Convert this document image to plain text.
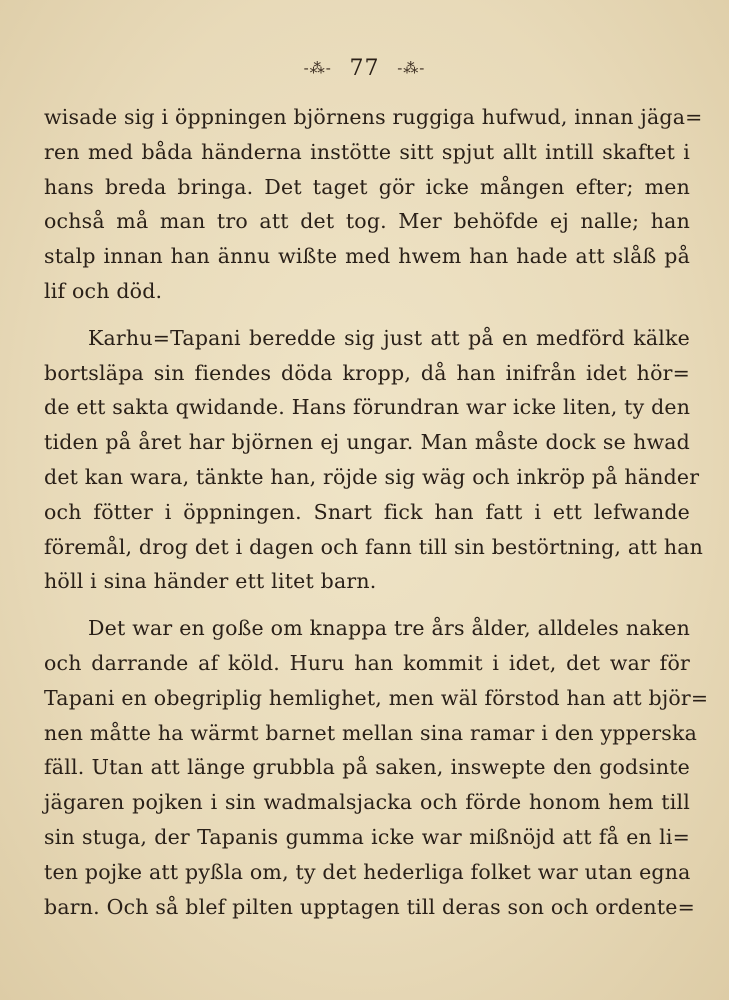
-⁂- 77 -⁂-
wisade sig i öppningen björnens ruggiga hufwud, innan jäga=
ren med båda händerna instötte sitt spjut allt intill skaftet i
hans breda bringa. Det taget gör icke mången efter; men
ochså må man tro att det tog. Mer behöfde ej nalle; han
stalp innan han ännu wißte med hwem han hade att slåß på
lif och död.
Karhu=Tapani beredde sig just att på en medförd kälke
bortsläpa sin fiendes döda kropp, då han inifrån idet hör=
de ett sakta qwidande. Hans förundran war icke liten, ty den
tiden på året har björnen ej ungar. Man måste dock se hwad
det kan wara, tänkte han, röjde sig wäg och inkröp på händer
och fötter i öppningen. Snart fick han fatt i ett lefwande
föremål, drog det i dagen och fann till sin bestörtning, att han
höll i sina händer ett litet barn.
Det war en goße om knappa tre års ålder, alldeles naken
och darrande af köld. Huru han kommit i idet, det war för
Tapani en obegriplig hemlighet, men wäl förstod han att björ=
nen måtte ha wärmt barnet mellan sina ramar i den ypperska
fäll. Utan att länge grubbla på saken, inswepte den godsinte
jägaren pojken i sin wadmalsjacka och förde honom hem till
sin stuga, der Tapanis gumma icke war mißnöjd att få en li=
ten pojke att pyßla om, ty det hederliga folket war utan egna
barn. Och så blef pilten upptagen till deras son och ordente=
